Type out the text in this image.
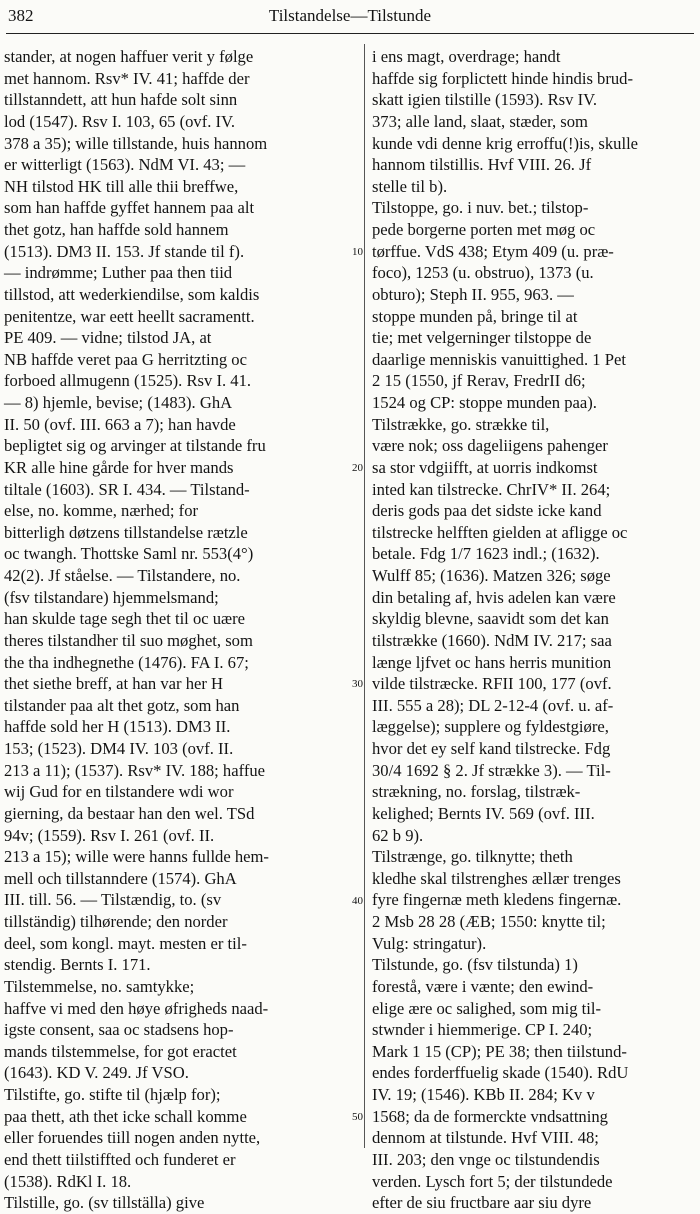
382	Tilstandelse—Tilstunde
stander, at nogen haffuer verit y følge
met hannom. Rsv* IV. 41; haffde der
tillstanndett, att hun hafde solt sinn
lod (1547). Rsv I. 103, 65 (ovf. IV.
378 a 35); wille tillstande, huis hannom
er witterligt (1563). NdM VI. 43; —
NH tilstod HK till alle thii breffwe,
som han haffde gyffet hannem paa alt
thet gotz, han haffde sold hannem
(1513). DM3 II. 153. Jf stande til f).
— indrømme; Luther paa then tiid
tillstod, att wederkiendilse, som kaldis
penitentze, war eett heellt sacramentt.
PE 409. — vidne; tilstod JA, at
NB haffde veret paa G herritzting oc
forboed allmugenn (1525). Rsv I. 41.
— 8) hjemle, bevise; (1483). GhA
II. 50 (ovf. III. 663 a 7); han havde
bepligtet sig og arvinger at tilstande fru
KR alle hine gårde for hver mands
tiltale (1603). SR I. 434. — Tilstand-
else, no. komme, nærhed; for
bitterligh døtzens tillstandelse rætzle
oc twangh. Thottske Saml nr. 553(4°)
42(2). Jf ståelse. — Tilstandere, no.
(fsv tilstandare) hjemmelsmand;
han skulde tage segh thet til oc uære
theres tilstandher til suo møghet, som
the tha indhegnethe (1476). FA I. 67;
thet siethe breff, at han var her H
tilstander paa alt thet gotz, som han
haffde sold her H (1513). DM3 II.
153; (1523). DM4 IV. 103 (ovf. II.
213 a 11); (1537). Rsv* IV. 188; haffue
wij Gud for en tilstandere wdi wor
gierning, da bestaar han den wel. TSd
94v; (1559). Rsv I. 261 (ovf. II.
213 a 15); wille were hanns fullde hem-
mell och tillstanndere (1574). GhA
III. till. 56. — Tilstændig, to. (sv
tillständig) tilhørende; den norder
deel, som kongl. mayt. mesten er til-
stendig. Bernts I. 171.
Tilstemmelse, no. samtykke;
haffve vi med den høye øfrigheds naad-
igste consent, saa oc stadsens hop-
mands tilstemmelse, for got eractet
(1643). KD V. 249. Jf VSO.
Tilstifte, go. stifte til (hjælp for);
paa thett, ath thet icke schall komme
eller foruendes tiill nogen anden nytte,
end thett tiilstiffted och funderet er
(1538). RdKl I. 18.
Tilstille, go. (sv tillställa) give
10
20
30
40
50
i ens magt, overdrage; handt
haffde sig forplictett hinde hindis brud-
skatt igien tilstille (1593). Rsv IV.
373; alle land, slaat, stæder, som
kunde vdi denne krig erroffu(!)is, skulle
hannom tilstillis. Hvf VIII. 26. Jf
stelle til b).
Tilstoppe, go. i nuv. bet.; tilstop-
pede borgerne porten met møg oc
tørffue. VdS 438; Etym 409 (u. præ-
foco), 1253 (u. obstruo), 1373 (u.
obturo); Steph II. 955, 963. —
stoppe munden på, bringe til at
tie; met velgerninger tilstoppe de
daarlige menniskis vanuittighed. 1 Pet
2 15 (1550, jf Rerav, FredrII d6;
1524 og CP: stoppe munden paa).
Tilstrække, go. strække til,
være nok; oss dageliigens pahenger
sa stor vdgiifft, at uorris indkomst
inted kan tilstrecke. ChrIV* II. 264;
deris gods paa det sidste icke kand
tilstrecke helfften gielden at afligge oc
betale. Fdg 1/7 1623 indl.; (1632).
Wulff 85; (1636). Matzen 326; søge
din betaling af, hvis adelen kan være
skyldig blevne, saavidt som det kan
tilstrække (1660). NdM IV. 217; saa
længe ljfvet oc hans herris munition
vilde tilstræcke. RFII 100, 177 (ovf.
III. 555 a 28); DL 2-12-4 (ovf. u. af-
læggelse); supplere og fyldestgiøre,
hvor det ey self kand tilstrecke. Fdg
30/4 1692 § 2. Jf strække 3). — Til-
strækning, no. forslag, tilstræk-
kelighed; Bernts IV. 569 (ovf. III.
62 b 9).
Tilstrænge, go. tilknytte; theth
kledhe skal tilstrenghes ællær trenges
fyre fingernæ meth kledens fingernæ.
2 Msb 28 28 (ÆB; 1550: knytte til;
Vulg: stringatur).
Tilstunde, go. (fsv tilstunda) 1)
forestå, være i vænte; den ewind-
elige ære oc salighed, som mig til-
stwnder i hiemmerige. CP I. 240;
Mark 1 15 (CP); PE 38; then tiilstund-
endes forderffuelig skade (1540). RdU
IV. 19; (1546). KBb II. 284; Kv v
1568; da de formerckte vndsattning
dennom at tilstunde. Hvf VIII. 48;
III. 203; den vnge oc tilstundendis
verden. Lysch fort 5; der tilstundede
efter de siu fructbare aar siu dyre
